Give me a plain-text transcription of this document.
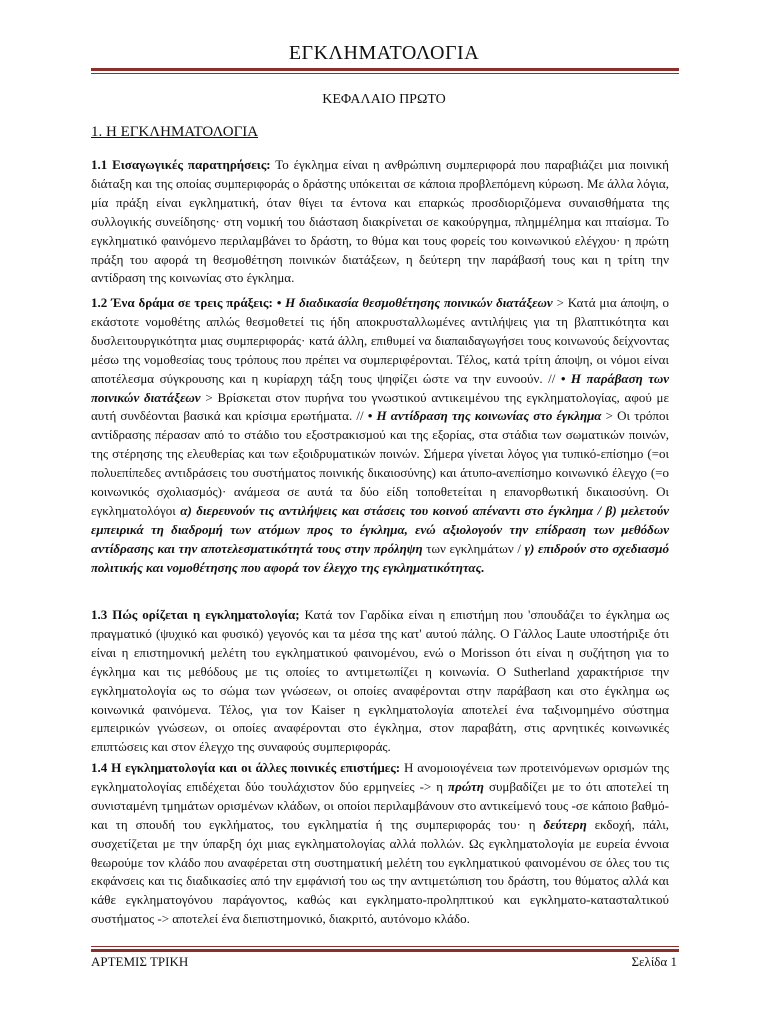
ΕΓΚΛΗΜΑΤΟΛΟΓΙΑ
ΚΕΦΑΛΑΙΟ ΠΡΩΤΟ
1. Η ΕΓΚΛΗΜΑΤΟΛΟΓΙΑ

1.1 Εισαγωγικές παρατηρήσεις: Το έγκλημα είναι η ανθρώπινη συμπεριφορά που παραβιάζει μια ποινική διάταξη και της οποίας συμπεριφοράς ο δράστης υπόκειται σε κάποια προβλεπόμενη κύρωση. Με άλλα λόγια, μία πράξη είναι εγκληματική, όταν θίγει τα έντονα και επαρκώς προσδιοριζόμενα συναισθήματα της συλλογικής συνείδησης· στη νομική του διάσταση διακρίνεται σε κακούργημα, πλημμέλημα και πταίσμα. Το εγκληματικό φαινόμενο περιλαμβάνει το δράστη, το θύμα και τους φορείς του κοινωνικού ελέγχου· η πρώτη πράξη του αφορά τη θεσμοθέτηση ποινικών διατάξεων, η δεύτερη την παράβασή τους και η τρίτη την αντίδραση της κοινωνίας στο έγκλημα.

1.2 Ένα δράμα σε τρεις πράξεις: • Η διαδικασία θεσμοθέτησης ποινικών διατάξεων > Κατά μια άποψη, ο εκάστοτε νομοθέτης απλώς θεσμοθετεί τις ήδη αποκρυσταλλωμένες αντιλήψεις για τη βλαπτικότητα και δυσλειτουργικότητα μιας συμπεριφοράς· κατά άλλη, επιθυμεί να διαπαιδαγωγήσει τους κοινωνούς δείχνοντας μέσω της νομοθεσίας τους τρόπους που πρέπει να συμπεριφέρονται. Τέλος, κατά τρίτη άποψη, οι νόμοι είναι αποτέλεσμα σύγκρουσης και η κυρίαρχη τάξη τους ψηφίζει ώστε να την ευνοούν. // • Η παράβαση των ποινικών διατάξεων > Βρίσκεται στον πυρήνα του γνωστικού αντικειμένου της εγκληματολογίας, αφού με αυτή συνδέονται βασικά και κρίσιμα ερωτήματα. // • Η αντίδραση της κοινωνίας στο έγκλημα > Οι τρόποι αντίδρασης πέρασαν από το στάδιο του εξοστρακισμού και της εξορίας, στα στάδια των σωματικών ποινών, της στέρησης της ελευθερίας και των εξοιδρυματικών ποινών. Σήμερα γίνεται λόγος για τυπικό-επίσημο (=οι πολυεπίπεδες αντιδράσεις του συστήματος ποινικής δικαιοσύνης) και άτυπο-ανεπίσημο κοινωνικό έλεγχο (=ο κοινωνικός σχολιασμός)· ανάμεσα σε αυτά τα δύο είδη τοποθετείται η επανορθωτική δικαιοσύνη. Οι εγκληματολόγοι α) διερευνούν τις αντιλήψεις και στάσεις του κοινού απέναντι στο έγκλημα / β) μελετούν εμπειρικά τη διαδρομή των ατόμων προς το έγκλημα, ενώ αξιολογούν την επίδραση των μεθόδων αντίδρασης και την αποτελεσματικότητά τους στην πρόληψη των εγκλημάτων / γ) επιδρούν στο σχεδιασμό πολιτικής και νομοθέτησης που αφορά τον έλεγχο της εγκληματικότητας.

1.3 Πώς ορίζεται η εγκληματολογία; Κατά τον Γαρδίκα είναι η επιστήμη που 'σπουδάζει το έγκλημα ως πραγματικό (ψυχικό και φυσικό) γεγονός και τα μέσα της κατ' αυτού πάλης. Ο Γάλλος Laute υποστήριξε ότι είναι η επιστημονική μελέτη του εγκληματικού φαινομένου, ενώ ο Morisson ότι είναι η συζήτηση για το έγκλημα και τις μεθόδους με τις οποίες το αντιμετωπίζει η κοινωνία. Ο Sutherland χαρακτήρισε την εγκληματολογία ως το σώμα των γνώσεων, οι οποίες αναφέρονται στην παράβαση και στο έγκλημα ως κοινωνικά φαινόμενα. Τέλος, για τον Kaiser η εγκληματολογία αποτελεί ένα ταξινομημένο σύστημα εμπειρικών γνώσεων, οι οποίες αναφέρονται στο έγκλημα, στον παραβάτη, στις αρνητικές κοινωνικές επιπτώσεις και στον έλεγχο της συναφούς συμπεριφοράς.

1.4 Η εγκληματολογία και οι άλλες ποινικές επιστήμες: Η ανομοιογένεια των προτεινόμενων ορισμών της εγκληματολογίας επιδέχεται δύο τουλάχιστον δύο ερμηνείες -> η πρώτη συμβαδίζει με το ότι αποτελεί τη συνισταμένη τμημάτων ορισμένων κλάδων, οι οποίοι περιλαμβάνουν στο αντικείμενό τους -σε κάποιο βαθμό- και τη σπουδή του εγκλήματος, του εγκληματία ή της συμπεριφοράς του· η δεύτερη εκδοχή, πάλι, συσχετίζεται με την ύπαρξη όχι μιας εγκληματολογίας αλλά πολλών. Ως εγκληματολογία με ευρεία έννοια θεωρούμε τον κλάδο που αναφέρεται στη συστηματική μελέτη του εγκληματικού φαινομένου σε όλες του τις εκφάνσεις και τις διαδικασίες από την εμφάνισή του ως την αντιμετώπιση του δράστη, του θύματος αλλά και κάθε εγκληματογόνου παράγοντος, καθώς και εγκληματο-προληπτικού και εγκληματο-κατασταλτικού συστήματος -> αποτελεί ένα διεπιστημονικό, διακριτό, αυτόνομο κλάδο.

ΑΡΤΕΜΙΣ ΤΡΙΚΗ	Σελίδα 1
